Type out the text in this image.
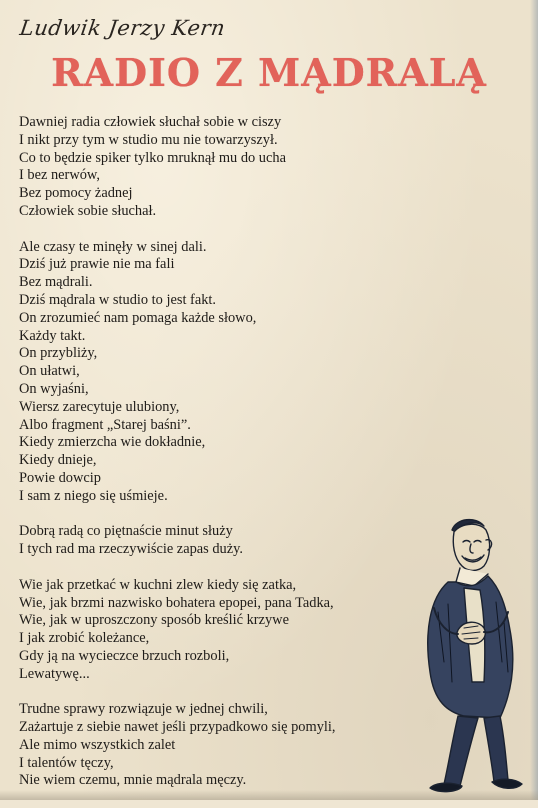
Ludwik Jerzy Kern
RADIO Z MĄDRALĄ
Dawniej radia człowiek słuchał sobie w ciszy
I nikt przy tym w studio mu nie towarzyszył.
Co to będzie spiker tylko mruknął mu do ucha
I bez nerwów,
Bez pomocy żadnej
Człowiek sobie słuchał.
Ale czasy te minęły w sinej dali.
Dziś już prawie nie ma fali
Bez mądrali.
Dziś mądrala w studio to jest fakt.
On zrozumieć nam pomaga każde słowo,
Każdy takt.
On przybliży,
On ułatwi,
On wyjaśni,
Wiersz zarecytuje ulubiony,
Albo fragment „Starej baśni”.
Kiedy zmierzcha wie dokładnie,
Kiedy dnieje,
Powie dowcip
I sam z niego się uśmieje.
Dobrą radą co piętnaście minut służy
I tych rad ma rzeczywiście zapas duży.
Wie jak przetkać w kuchni zlew kiedy się zatka,
Wie, jak brzmi nazwisko bohatera epopei, pana Tadka,
Wie, jak w uproszczony sposób kreślić krzywe
I jak zrobić koleżance,
Gdy ją na wycieczce brzuch rozboli,
Lewatywę...
Trudne sprawy rozwiązuje w jednej chwili,
Zażartuje z siebie nawet jeśli przypadkowo się pomyli,
Ale mimo wszystkich zalet
I talentów tęczy,
Nie wiem czemu, mnie mądrala męczy.
